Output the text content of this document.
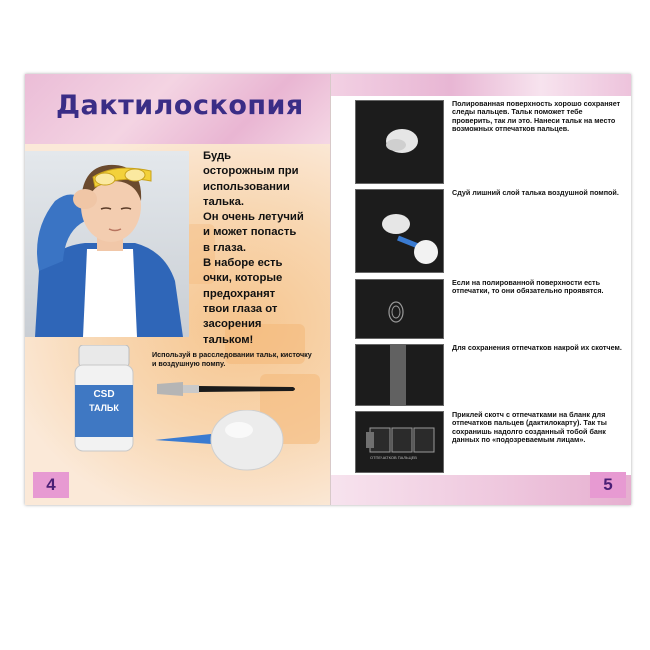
Дактилоскопия
Будь
осторожным при
использовании
талька.
Он очень летучий
и может попасть
в глаза.
В наборе есть
очки, которые
предохранят
твои глаза от
засорения
тальком!
Используй в расследовании тальк, кисточку и воздушную помпу.
CSD
ТАЛЬК
4
Полированная поверхность хорошо сохраняет следы пальцев. Тальк поможет тебе проверить, так ли это. Нанеси тальк на место возможных отпечатков пальцев.
Сдуй лишний слой талька воздушной помпой.
Если на полированной поверхности есть отпечатки, то они обязательно проявятся.
Для сохранения отпечатков накрой их скотчем.
ОТПЕЧАТКОВ ПАЛЬЦЕВ
Приклей скотч с отпечатками на бланк для отпечатков пальцев (дактилокарту). Так ты сохранишь надолго созданный тобой банк данных по «подозреваемым лицам».
5
